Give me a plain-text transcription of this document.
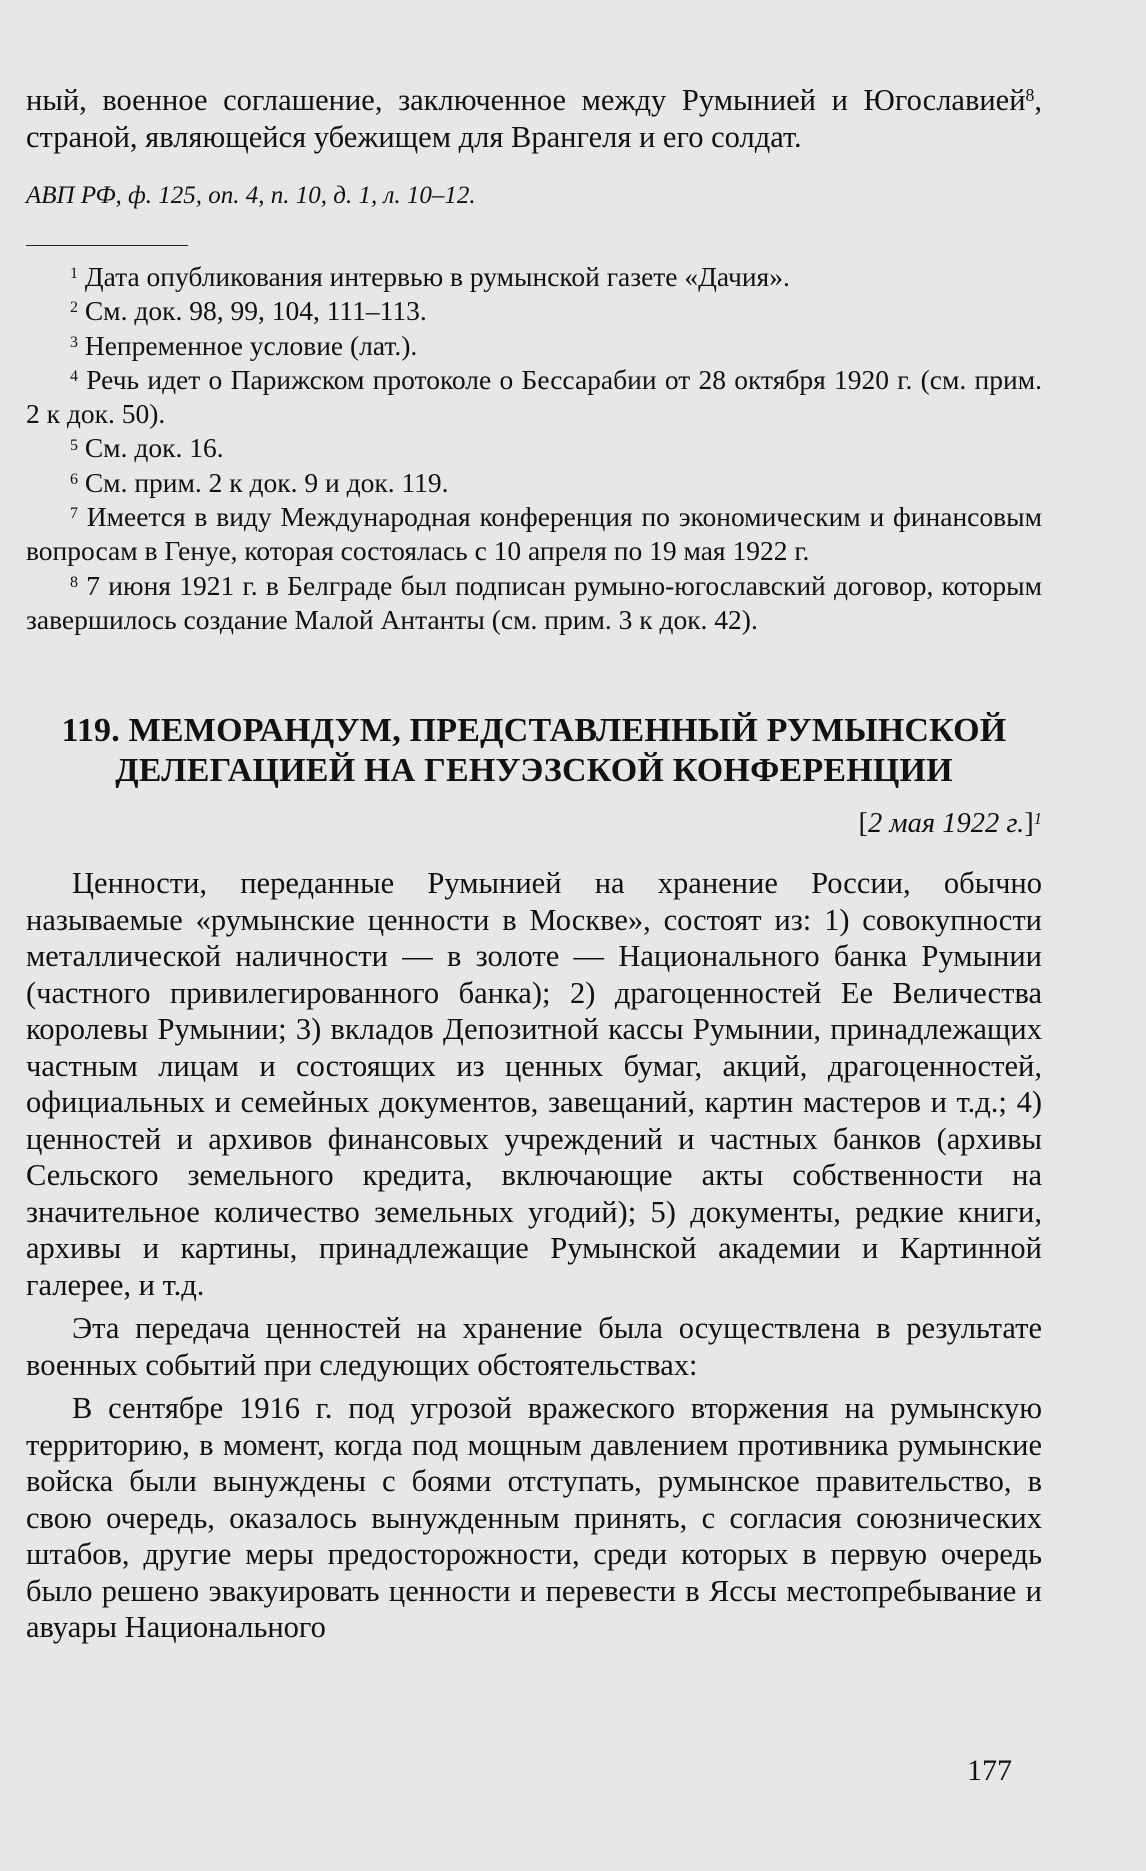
ный, военное соглашение, заключенное между Румынией и Югославией$^8$, страной, являющейся убежищем для Врангеля и его солдат.

АВП РФ, ф. 125, оп. 4, п. 10, д. 1, л. 10–12.

$^1$ Дата опубликования интервью в румынской газете «Дачия».

$^2$ См. док. 98, 99, 104, 111–113.

$^3$ Непременное условие (лат.).

$^4$ Речь идет о Парижском протоколе о Бессарабии от 28 октября 1920 г. (см. прим. 2 к док. 50).

$^5$ См. док. 16.

$^6$ См. прим. 2 к док. 9 и док. 119.

$^7$ Имеется в виду Международная конференция по экономическим и финансовым вопросам в Генуе, которая состоялась с 10 апреля по 19 мая 1922 г.

$^8$ 7 июня 1921 г. в Белграде был подписан румыно-югославский договор, которым завершилось создание Малой Антанты (см. прим. 3 к док. 42).

119. МЕМОРАНДУМ, ПРЕДСТАВЛЕННЫЙ РУМЫНСКОЙ
ДЕЛЕГАЦИЕЙ НА ГЕНУЭЗСКОЙ КОНФЕРЕНЦИИ
[2 мая 1922 г.]$^1$

Ценности, переданные Румынией на хранение России, обычно называемые «румынские ценности в Москве», состоят из: 1) совокупности металлической наличности — в золоте — Национального банка Румынии (частного привилегированного банка); 2) драгоценностей Ее Величества королевы Румынии; 3) вкладов Депозитной кассы Румынии, принадлежащих частным лицам и состоящих из ценных бумаг, акций, драгоценностей, официальных и семейных документов, завещаний, картин мастеров и т.д.; 4) ценностей и архивов финансовых учреждений и частных банков (архивы Сельского земельного кредита, включающие акты собственности на значительное количество земельных угодий); 5) документы, редкие книги, архивы и картины, принадлежащие Румынской академии и Картинной галерее, и т.д.

Эта передача ценностей на хранение была осуществлена в результате военных событий при следующих обстоятельствах:

В сентябре 1916 г. под угрозой вражеского вторжения на румынскую территорию, в момент, когда под мощным давлением противника румынские войска были вынуждены с боями отступать, румынское правительство, в свою очередь, оказалось вынужденным принять, с согласия союзнических штабов, другие меры предосторожности, среди которых в первую очередь было решено эвакуировать ценности и перевести в Яссы местопребывание и авуары Национального

177
